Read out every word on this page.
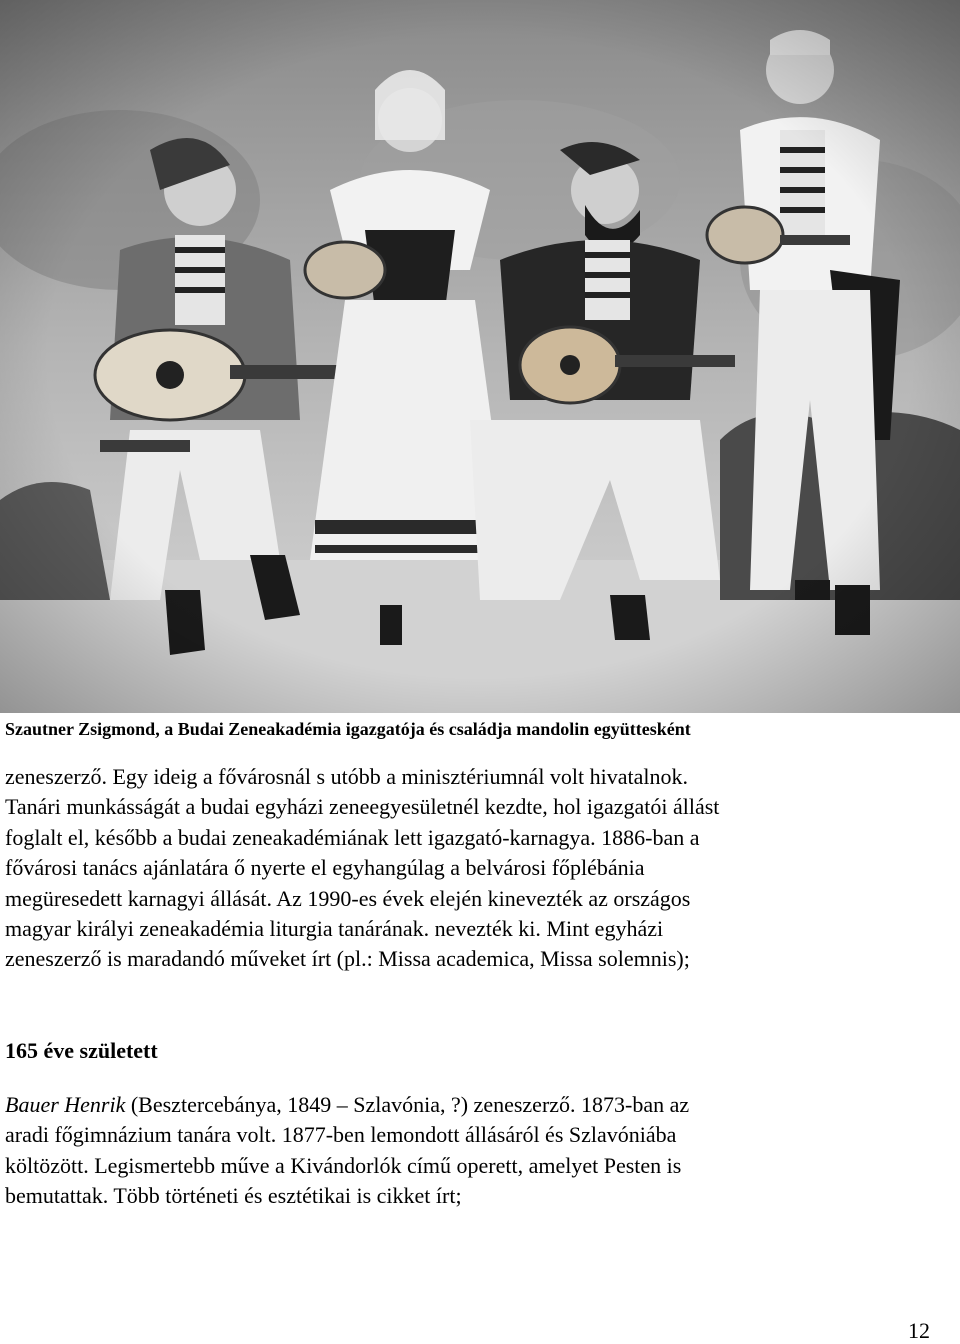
Szautner Zsigmond, a Budai Zeneakadémia igazgatója és családja mandolin együttesként
zeneszerző. Egy ideig a fővárosnál s utóbb a minisztériumnál volt hivatalnok.
Tanári munkásságát a budai egyházi zeneegyesületnél kezdte, hol igazgatói állást
foglalt el, később a budai zeneakadémiának lett igazgató-karnagya. 1886-ban a
fővárosi tanács ajánlatára ő nyerte el egyhangúlag a belvárosi főplébánia
megüresedett karnagyi állását. Az 1990-es évek elején kinevezték az országos
magyar királyi zeneakadémia liturgia tanárának. nevezték ki. Mint egyházi
zeneszerző is maradandó műveket írt (pl.: Missa academica, Missa solemnis);
165 éve született
Bauer Henrik (Besztercebánya, 1849 – Szlavónia, ?) zeneszerző. 1873-ban az
aradi főgimnázium tanára volt. 1877-ben lemondott állásáról és Szlavóniába
költözött. Legismertebb műve a Kivándorlók című operett, amelyet Pesten is
bemutattak. Több történeti és esztétikai is cikket írt;
12
